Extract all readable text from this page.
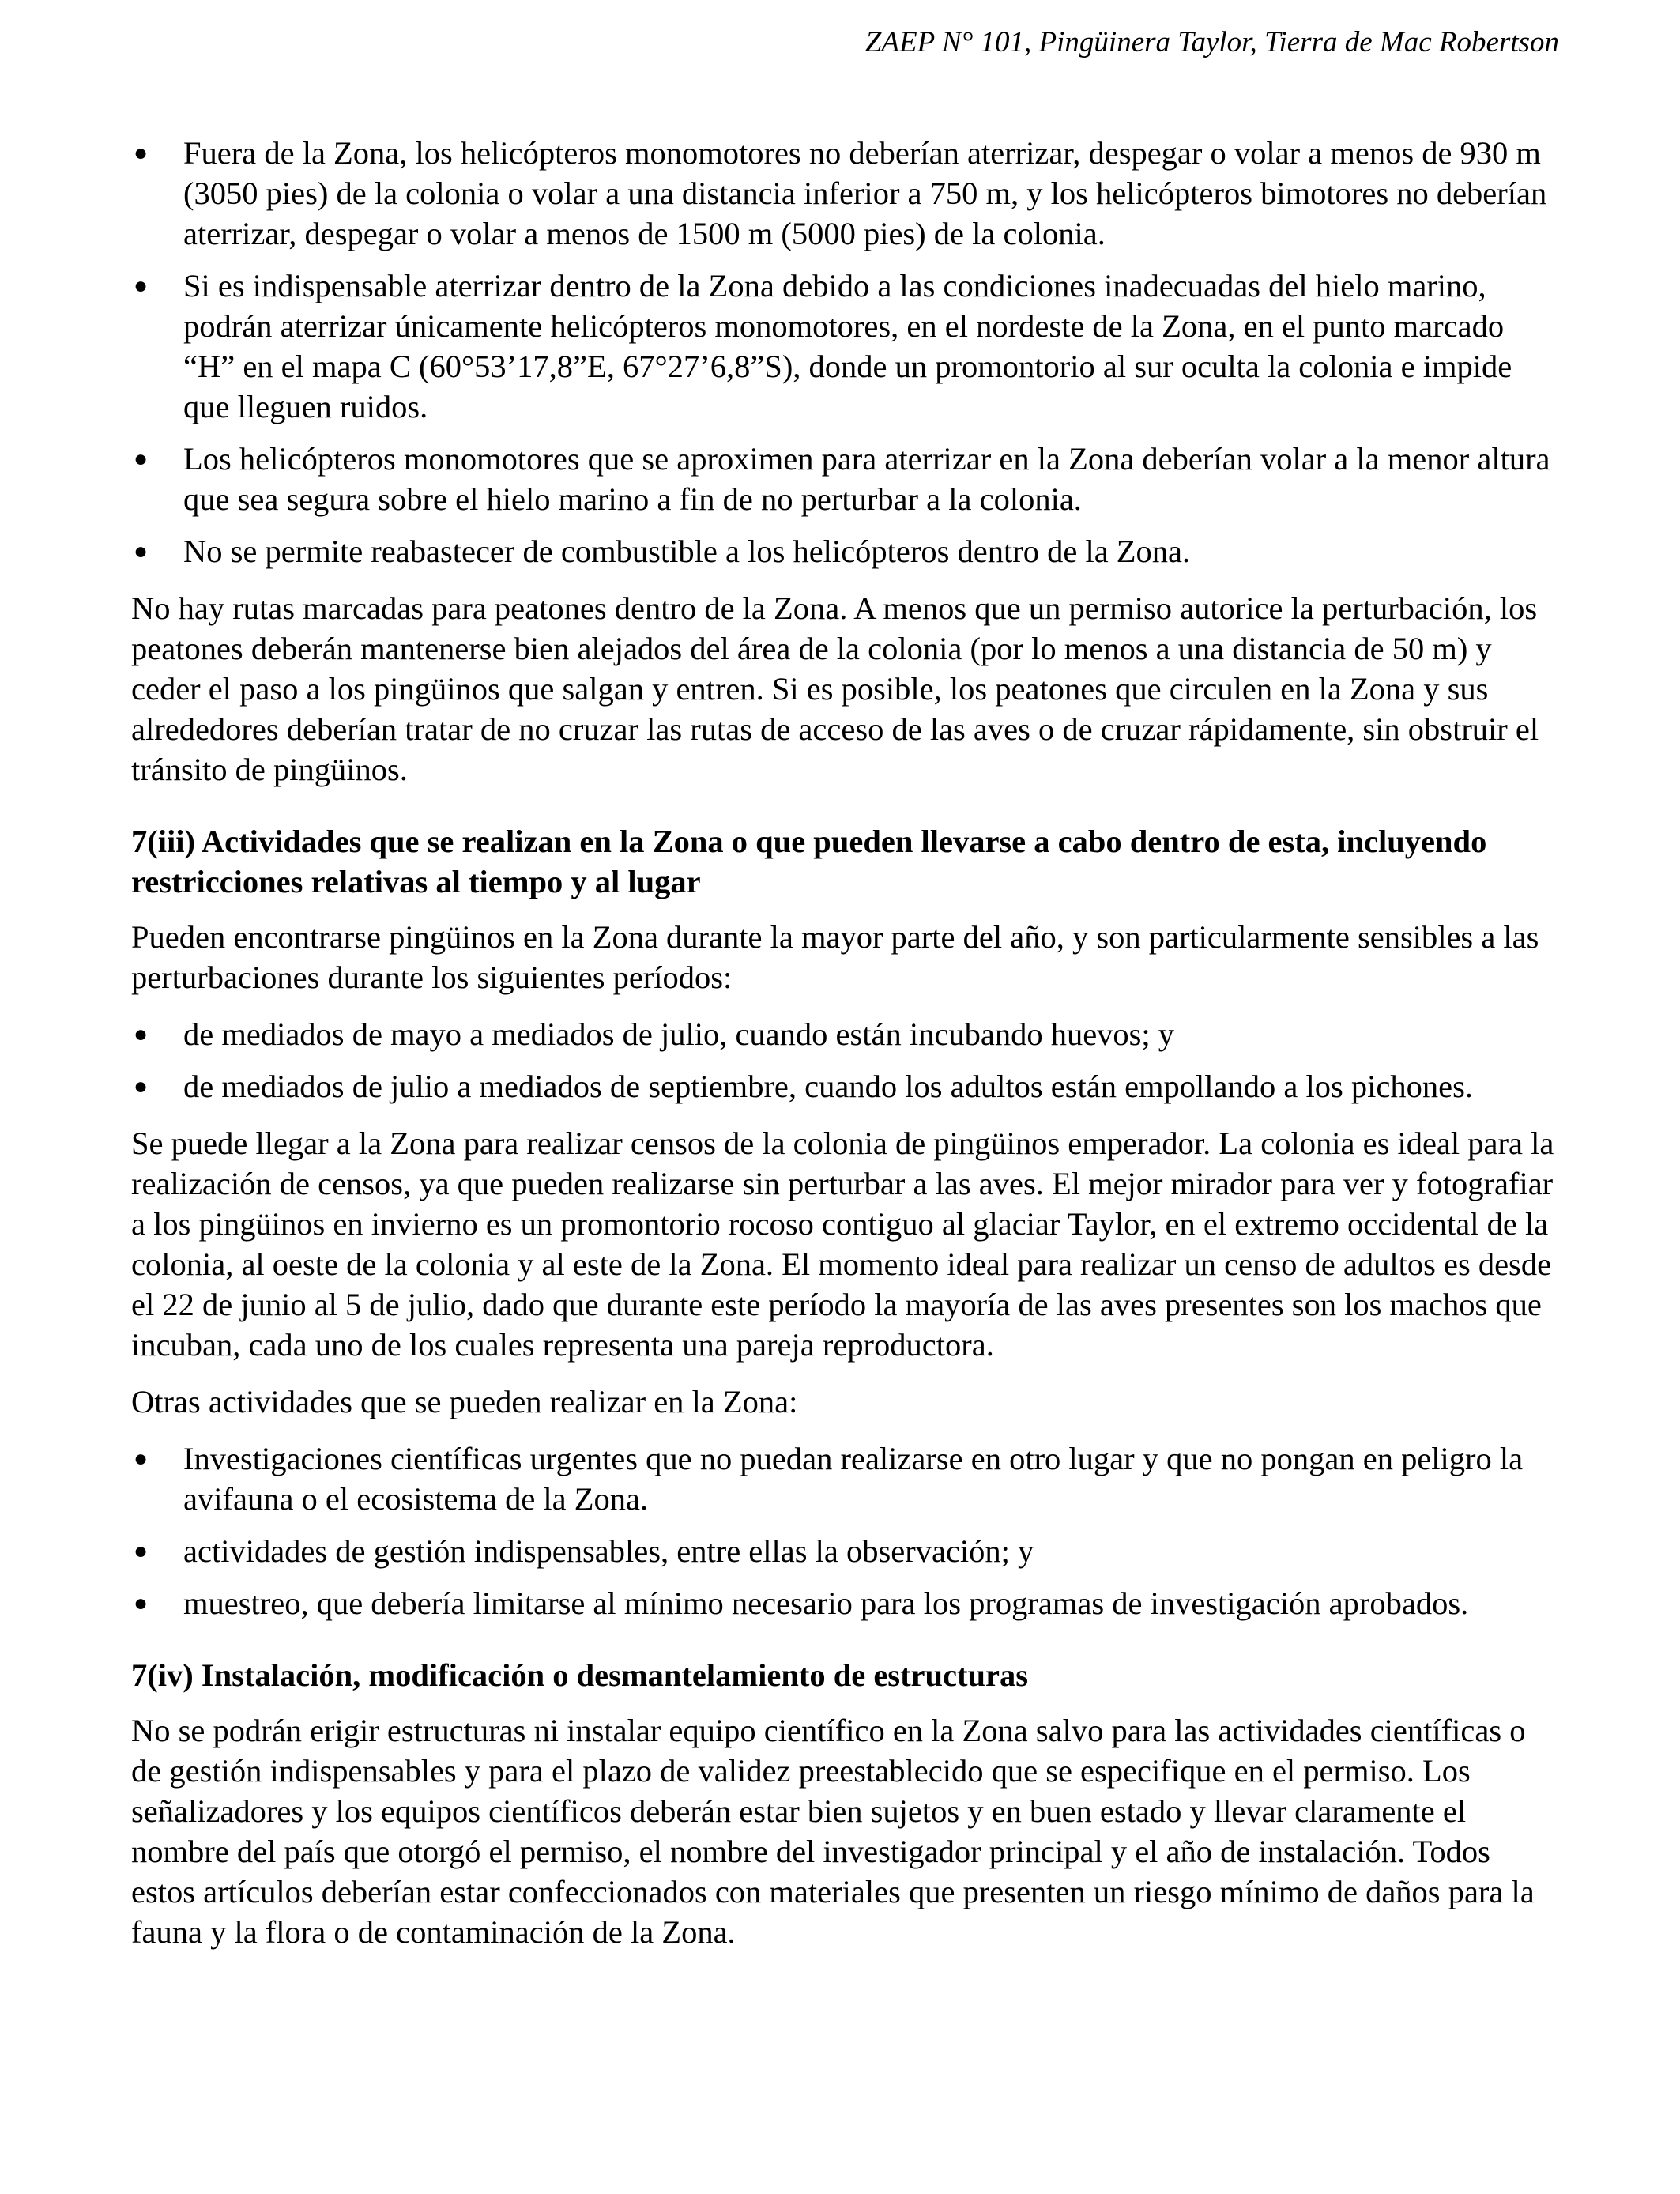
ZAEP N° 101, Pingüinera Taylor, Tierra de Mac Robertson
● Fuera de la Zona, los helicópteros monomotores no deberían aterrizar, despegar o volar a menos de 930 m (3050 pies) de la colonia o volar a una distancia inferior a 750 m, y los helicópteros bimotores no deberían aterrizar, despegar o volar a menos de 1500 m (5000 pies) de la colonia.
● Si es indispensable aterrizar dentro de la Zona debido a las condiciones inadecuadas del hielo marino, podrán aterrizar únicamente helicópteros monomotores, en el nordeste de la Zona, en el punto marcado “H” en el mapa C (60°53’17,8”E, 67°27’6,8”S), donde un promontorio al sur oculta la colonia e impide que lleguen ruidos.
● Los helicópteros monomotores que se aproximen para aterrizar en la Zona deberían volar a la menor altura que sea segura sobre el hielo marino a fin de no perturbar a la colonia.
● No se permite reabastecer de combustible a los helicópteros dentro de la Zona.

No hay rutas marcadas para peatones dentro de la Zona. A menos que un permiso autorice la perturbación, los peatones deberán mantenerse bien alejados del área de la colonia (por lo menos a una distancia de 50 m) y ceder el paso a los pingüinos que salgan y entren. Si es posible, los peatones que circulen en la Zona y sus alrededores deberían tratar de no cruzar las rutas de acceso de las aves o de cruzar rápidamente, sin obstruir el tránsito de pingüinos.

7(iii) Actividades que se realizan en la Zona o que pueden llevarse a cabo dentro de esta, incluyendo restricciones relativas al tiempo y al lugar

Pueden encontrarse pingüinos en la Zona durante la mayor parte del año, y son particularmente sensibles a las perturbaciones durante los siguientes períodos:

● de mediados de mayo a mediados de julio, cuando están incubando huevos; y
● de mediados de julio a mediados de septiembre, cuando los adultos están empollando a los pichones.

Se puede llegar a la Zona para realizar censos de la colonia de pingüinos emperador. La colonia es ideal para la realización de censos, ya que pueden realizarse sin perturbar a las aves. El mejor mirador para ver y fotografiar a los pingüinos en invierno es un promontorio rocoso contiguo al glaciar Taylor, en el extremo occidental de la colonia, al oeste de la colonia y al este de la Zona. El momento ideal para realizar un censo de adultos es desde el 22 de junio al 5 de julio, dado que durante este período la mayoría de las aves presentes son los machos que incuban, cada uno de los cuales representa una pareja reproductora.

Otras actividades que se pueden realizar en la Zona:

● Investigaciones científicas urgentes que no puedan realizarse en otro lugar y que no pongan en peligro la avifauna o el ecosistema de la Zona.
● actividades de gestión indispensables, entre ellas la observación; y
● muestreo, que debería limitarse al mínimo necesario para los programas de investigación aprobados.
7(iv) Instalación, modificación o desmantelamiento de estructuras

No se podrán erigir estructuras ni instalar equipo científico en la Zona salvo para las actividades científicas o de gestión indispensables y para el plazo de validez preestablecido que se especifique en el permiso. Los señalizadores y los equipos científicos deberán estar bien sujetos y en buen estado y llevar claramente el nombre del país que otorgó el permiso, el nombre del investigador principal y el año de instalación. Todos estos artículos deberían estar confeccionados con materiales que presenten un riesgo mínimo de daños para la fauna y la flora o de contaminación de la Zona.
